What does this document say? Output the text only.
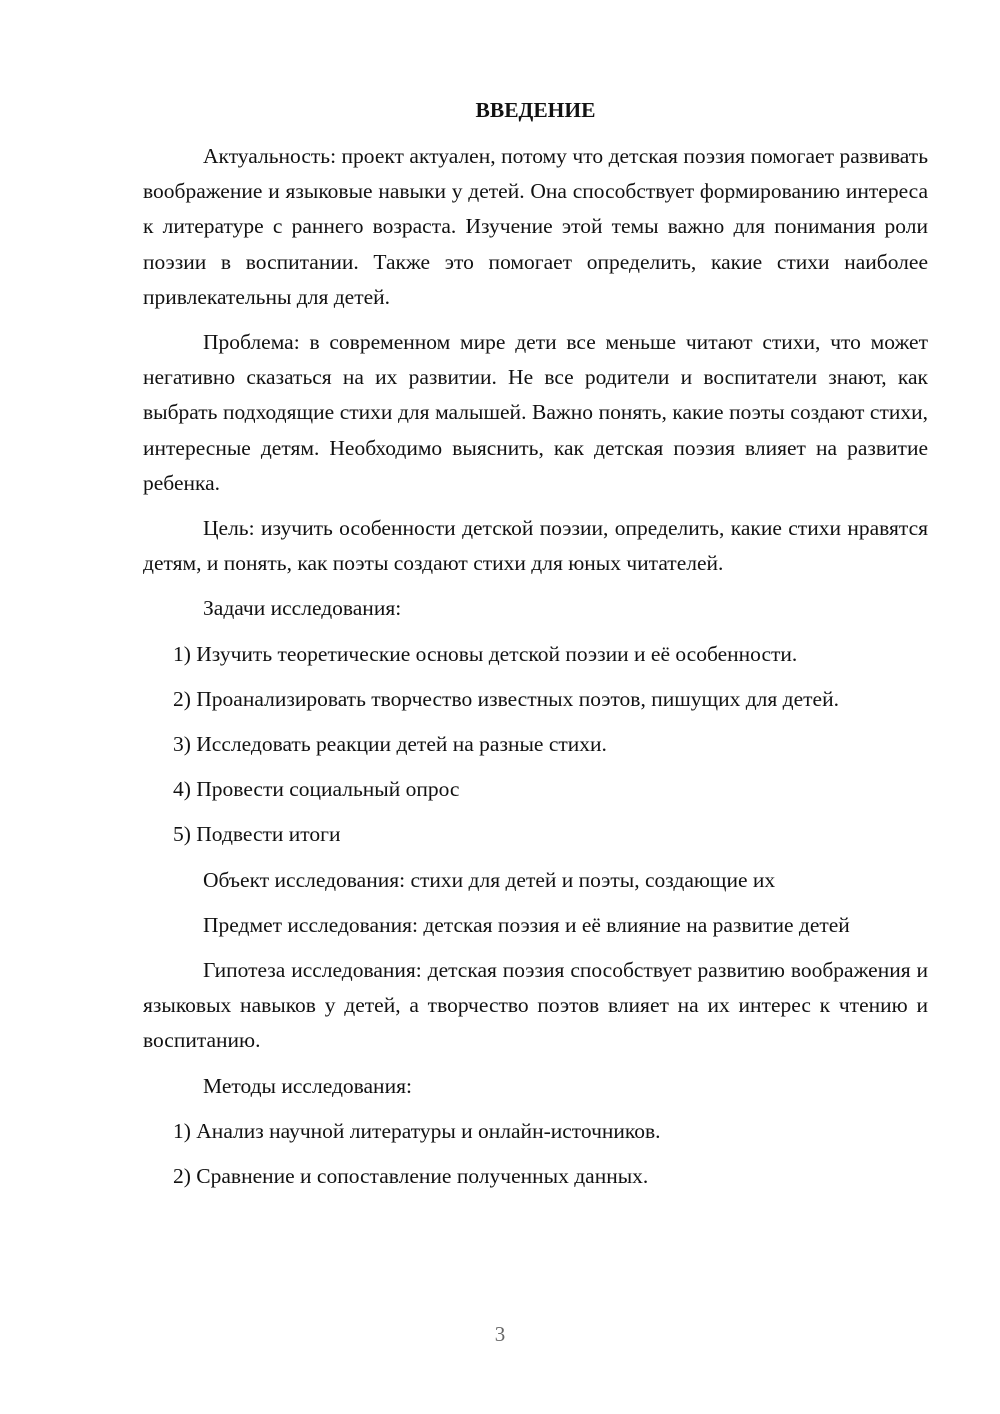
ВВЕДЕНИЕ

Актуальность: проект актуален, потому что детская поэзия помогает развивать воображение и языковые навыки у детей. Она способствует формированию интереса к литературе с раннего возраста. Изучение этой темы важно для понимания роли поэзии в воспитании. Также это помогает определить, какие стихи наиболее привлекательны для детей.

Проблема: в современном мире дети все меньше читают стихи, что может негативно сказаться на их развитии. Не все родители и воспитатели знают, как выбрать подходящие стихи для малышей. Важно понять, какие поэты создают стихи, интересные детям. Необходимо выяснить, как детская поэзия влияет на развитие ребенка.

Цель: изучить особенности детской поэзии, определить, какие стихи нравятся детям, и понять, как поэты создают стихи для юных читателей.

Задачи исследования:

1) Изучить теоретические основы детской поэзии и её особенности.

2) Проанализировать творчество известных поэтов, пишущих для детей.

3) Исследовать реакции детей на разные стихи.

4) Провести социальный опрос

5) Подвести итоги

Объект исследования: стихи для детей и поэты, создающие их

Предмет исследования: детская поэзия и её влияние на развитие детей

Гипотеза исследования: детская поэзия способствует развитию воображения и языковых навыков у детей, а творчество поэтов влияет на их интерес к чтению и воспитанию.

Методы исследования:

1) Анализ научной литературы и онлайн-источников.

2) Сравнение и сопоставление полученных данных.

3
